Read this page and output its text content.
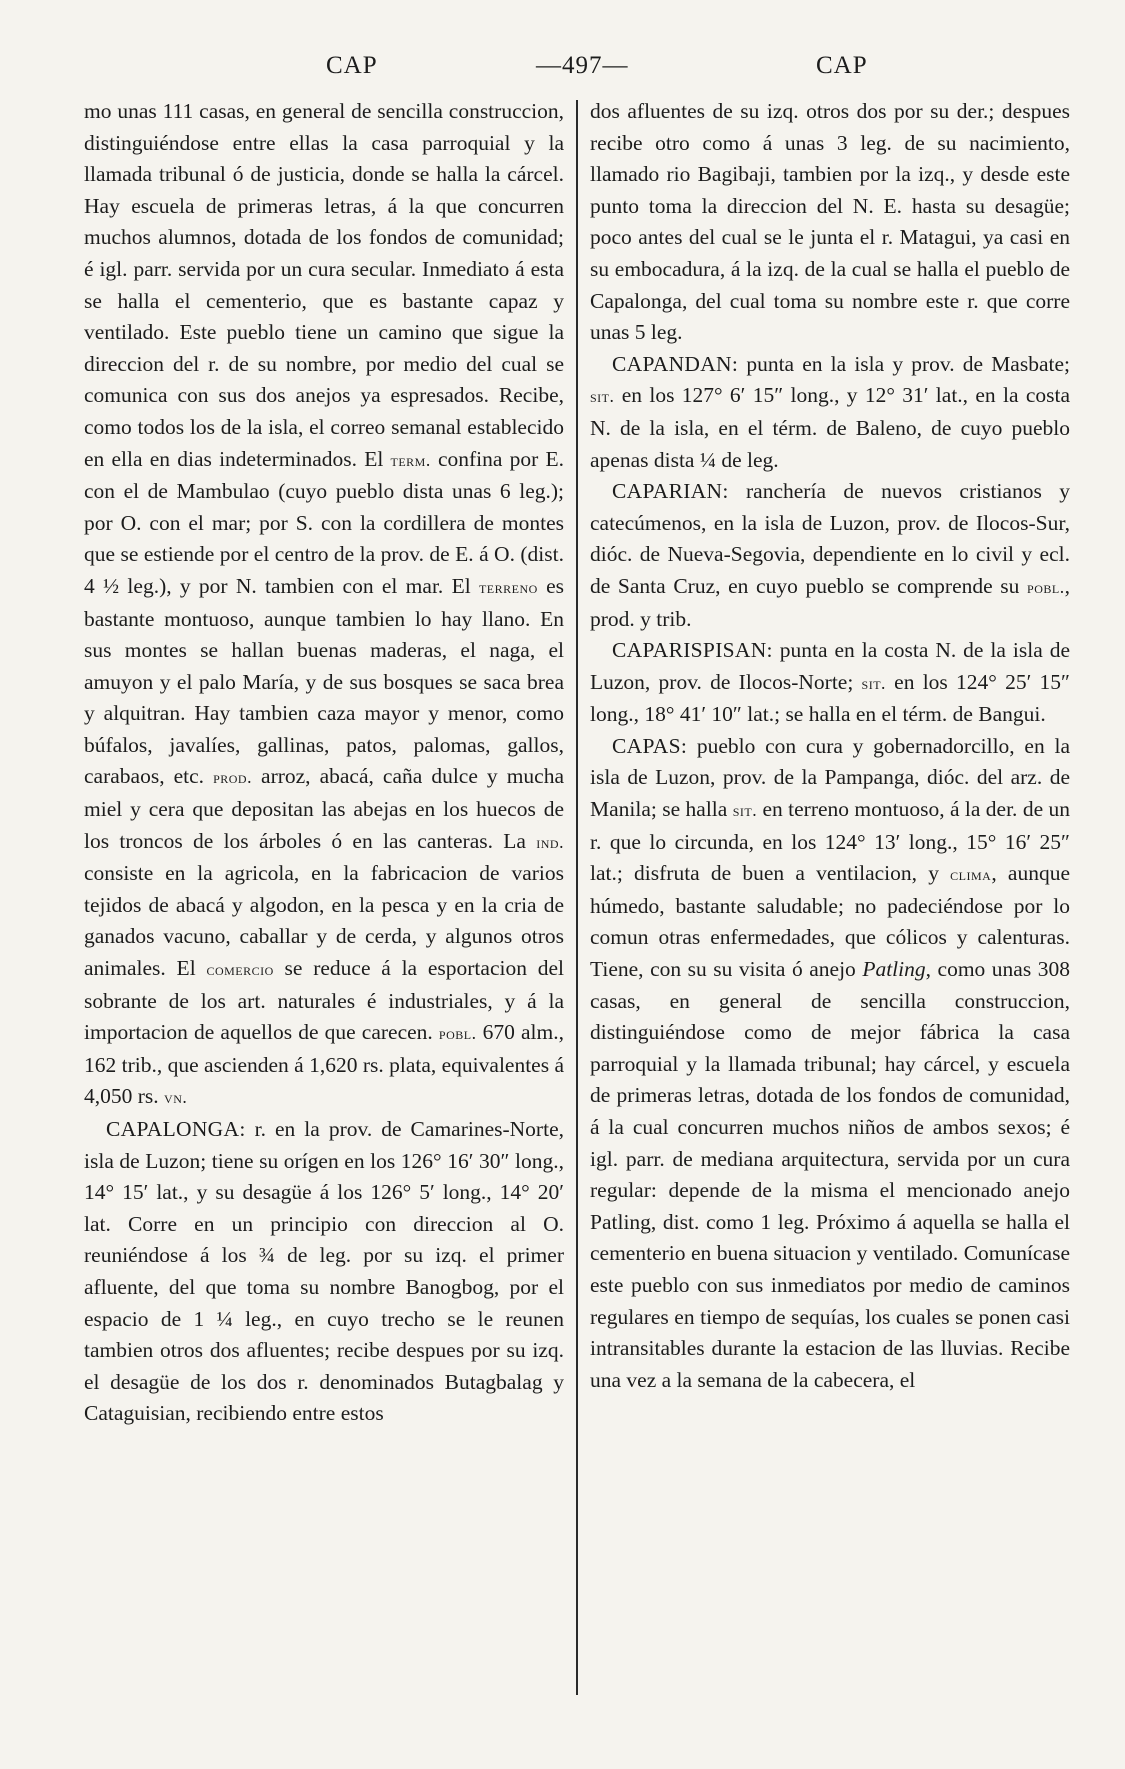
CAP	—497—	CAP

mo unas 111 casas, en general de sencilla construccion, distinguiéndose entre ellas la casa parroquial y la llamada tribunal ó de justicia, donde se halla la cárcel. Hay escuela de primeras letras, á la que concurren muchos alumnos, dotada de los fondos de comunidad; é igl. parr. servida por un cura secular. Inmediato á esta se halla el cementerio, que es bastante capaz y ventilado. Este pueblo tiene un camino que sigue la direccion del r. de su nombre, por medio del cual se comunica con sus dos anejos ya espresados. Recibe, como todos los de la isla, el correo semanal establecido en ella en dias indeterminados. El term. confina por E. con el de Mambulao (cuyo pueblo dista unas 6 leg.); por O. con el mar; por S. con la cordillera de montes que se estiende por el centro de la prov. de E. á O. (dist. 4 ½ leg.), y por N. tambien con el mar. El terreno es bastante montuoso, aunque tambien lo hay llano. En sus montes se hallan buenas maderas, el naga, el amuyon y el palo María, y de sus bosques se saca brea y alquitran. Hay tambien caza mayor y menor, como búfalos, javalíes, gallinas, patos, palomas, gallos, carabaos, etc. prod. arroz, abacá, caña dulce y mucha miel y cera que depositan las abejas en los huecos de los troncos de los árboles ó en las canteras. La ind. consiste en la agricola, en la fabricacion de varios tejidos de abacá y algodon, en la pesca y en la cria de ganados vacuno, caballar y de cerda, y algunos otros animales. El comercio se reduce á la esportacion del sobrante de los art. naturales é industriales, y á la importacion de aquellos de que carecen. pobl. 670 alm., 162 trib., que ascienden á 1,620 rs. plata, equivalentes á 4,050 rs. vn.

CAPALONGA: r. en la prov. de Camarines-Norte, isla de Luzon; tiene su orígen en los 126° 16′ 30″ long., 14° 15′ lat., y su desagüe á los 126° 5′ long., 14° 20′ lat. Corre en un principio con direccion al O. reuniéndose á los ¾ de leg. por su izq. el primer afluente, del que toma su nombre Banogbog, por el espacio de 1 ¼ leg., en cuyo trecho se le reunen tambien otros dos afluentes; recibe despues por su izq. el desagüe de los dos r. denominados Butagbalag y Cataguisian, recibiendo entre estos

dos afluentes de su izq. otros dos por su der.; despues recibe otro como á unas 3 leg. de su nacimiento, llamado rio Bagibaji, tambien por la izq., y desde este punto toma la direccion del N. E. hasta su desagüe; poco antes del cual se le junta el r. Matagui, ya casi en su embocadura, á la izq. de la cual se halla el pueblo de Capalonga, del cual toma su nombre este r. que corre unas 5 leg.

CAPANDAN: punta en la isla y prov. de Masbate; sit. en los 127° 6′ 15″ long., y 12° 31′ lat., en la costa N. de la isla, en el térm. de Baleno, de cuyo pueblo apenas dista ¼ de leg.

CAPARIAN: ranchería de nuevos cristianos y catecúmenos, en la isla de Luzon, prov. de Ilocos-Sur, dióc. de Nueva-Segovia, dependiente en lo civil y ecl. de Santa Cruz, en cuyo pueblo se comprende su pobl., prod. y trib.

CAPARISPISAN: punta en la costa N. de la isla de Luzon, prov. de Ilocos-Norte; sit. en los 124° 25′ 15″ long., 18° 41′ 10″ lat.; se halla en el térm. de Bangui.

CAPAS: pueblo con cura y gobernadorcillo, en la isla de Luzon, prov. de la Pampanga, dióc. del arz. de Manila; se halla sit. en terreno montuoso, á la der. de un r. que lo circunda, en los 124° 13′ long., 15° 16′ 25″ lat.; disfruta de buen a ventilacion, y clima, aunque húmedo, bastante saludable; no padeciéndose por lo comun otras enfermedades, que cólicos y calenturas. Tiene, con su su visita ó anejo Patling, como unas 308 casas, en general de sencilla construccion, distinguiéndose como de mejor fábrica la casa parroquial y la llamada tribunal; hay cárcel, y escuela de primeras letras, dotada de los fondos de comunidad, á la cual concurren muchos niños de ambos sexos; é igl. parr. de mediana arquitectura, servida por un cura regular: depende de la misma el mencionado anejo Patling, dist. como 1 leg. Próximo á aquella se halla el cementerio en buena situacion y ventilado. Comunícase este pueblo con sus inmediatos por medio de caminos regulares en tiempo de sequías, los cuales se ponen casi intransitables durante la estacion de las lluvias. Recibe una vez a la semana de la cabecera, el
